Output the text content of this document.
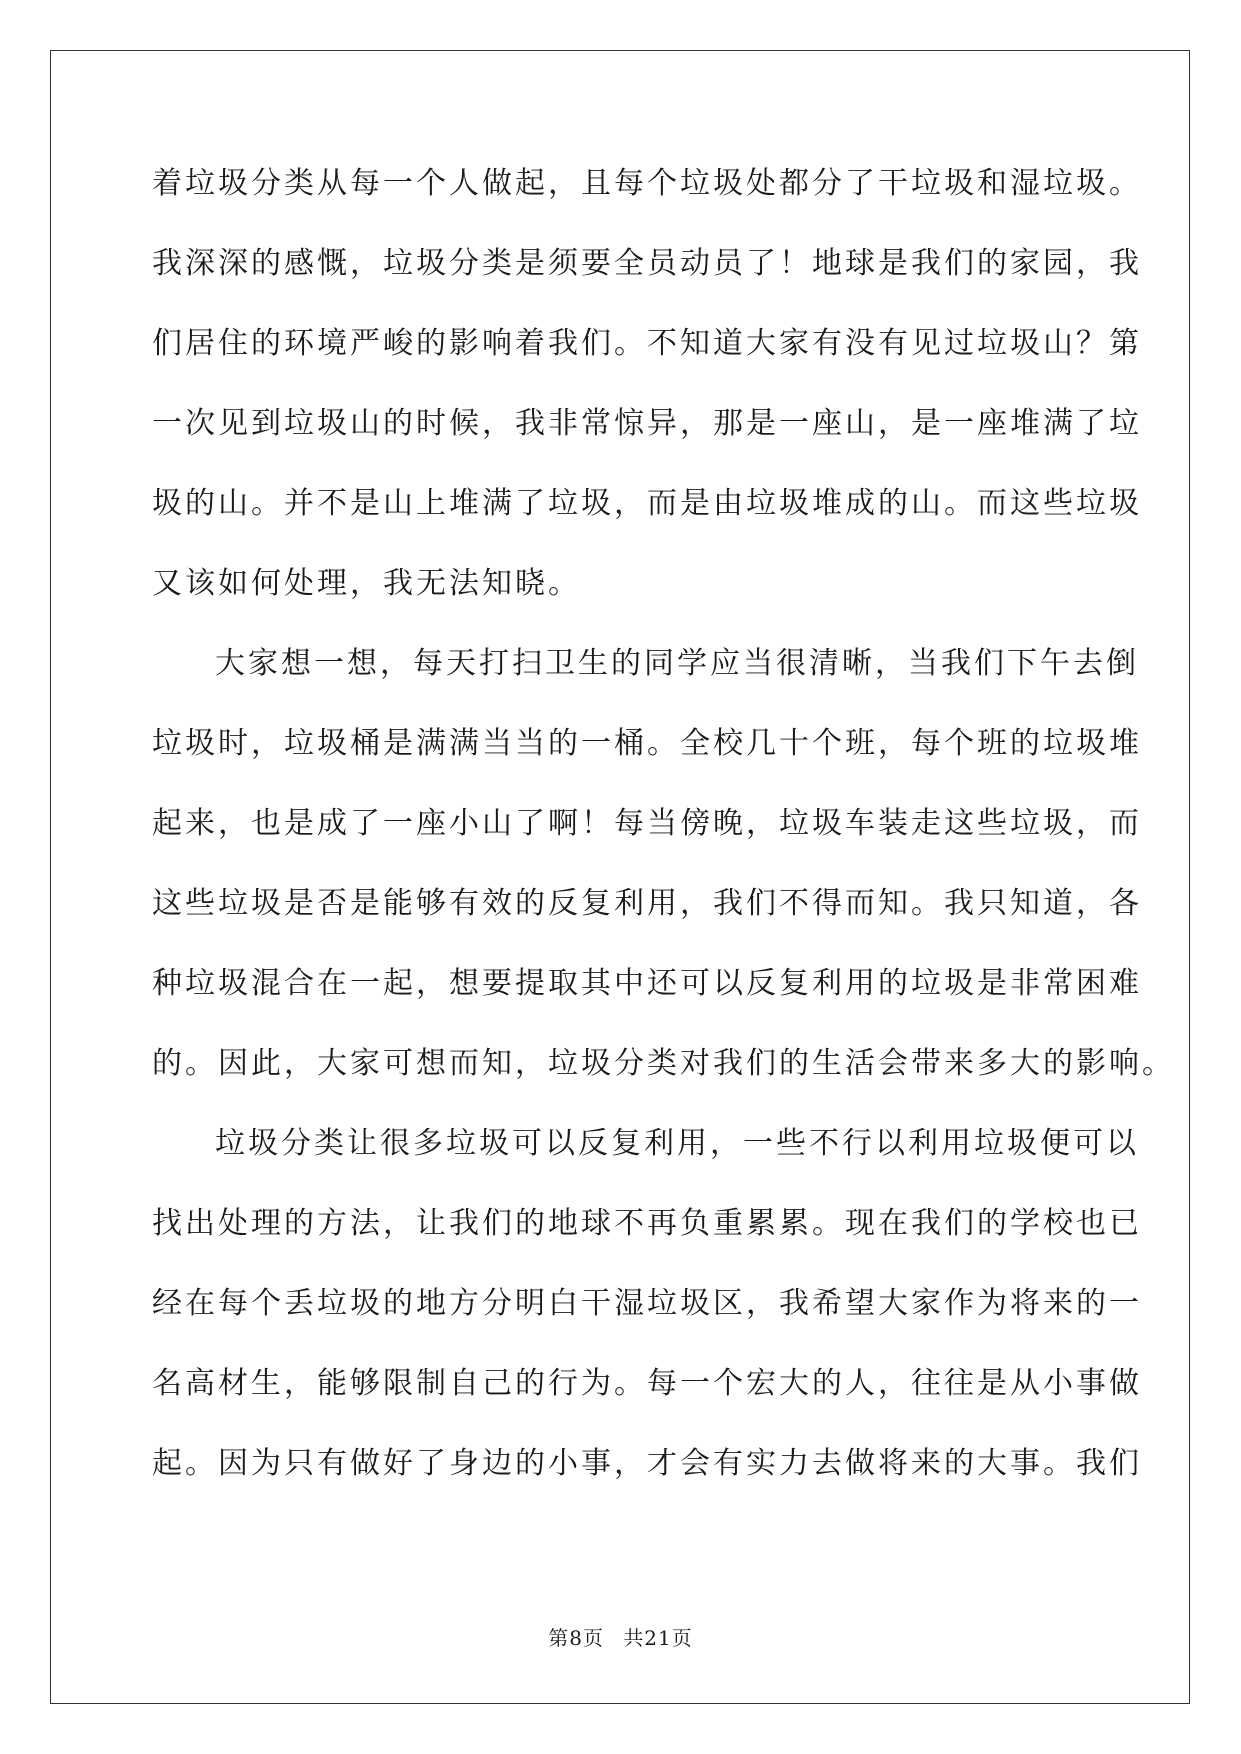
着垃圾分类从每一个人做起，且每个垃圾处都分了干垃圾和湿垃圾。
我深深的感慨，垃圾分类是须要全员动员了！地球是我们的家园，我
们居住的环境严峻的影响着我们。不知道大家有没有见过垃圾山？第
一次见到垃圾山的时候，我非常惊异，那是一座山，是一座堆满了垃
圾的山。并不是山上堆满了垃圾，而是由垃圾堆成的山。而这些垃圾
又该如何处理，我无法知晓。
大家想一想，每天打扫卫生的同学应当很清晰，当我们下午去倒
垃圾时，垃圾桶是满满当当的一桶。全校几十个班，每个班的垃圾堆
起来，也是成了一座小山了啊！每当傍晚，垃圾车装走这些垃圾，而
这些垃圾是否是能够有效的反复利用，我们不得而知。我只知道，各
种垃圾混合在一起，想要提取其中还可以反复利用的垃圾是非常困难
的。因此，大家可想而知，垃圾分类对我们的生活会带来多大的影响。
垃圾分类让很多垃圾可以反复利用，一些不行以利用垃圾便可以
找出处理的方法，让我们的地球不再负重累累。现在我们的学校也已
经在每个丢垃圾的地方分明白干湿垃圾区，我希望大家作为将来的一
名高材生，能够限制自己的行为。每一个宏大的人，往往是从小事做
起。因为只有做好了身边的小事，才会有实力去做将来的大事。我们
第8页 共21页
